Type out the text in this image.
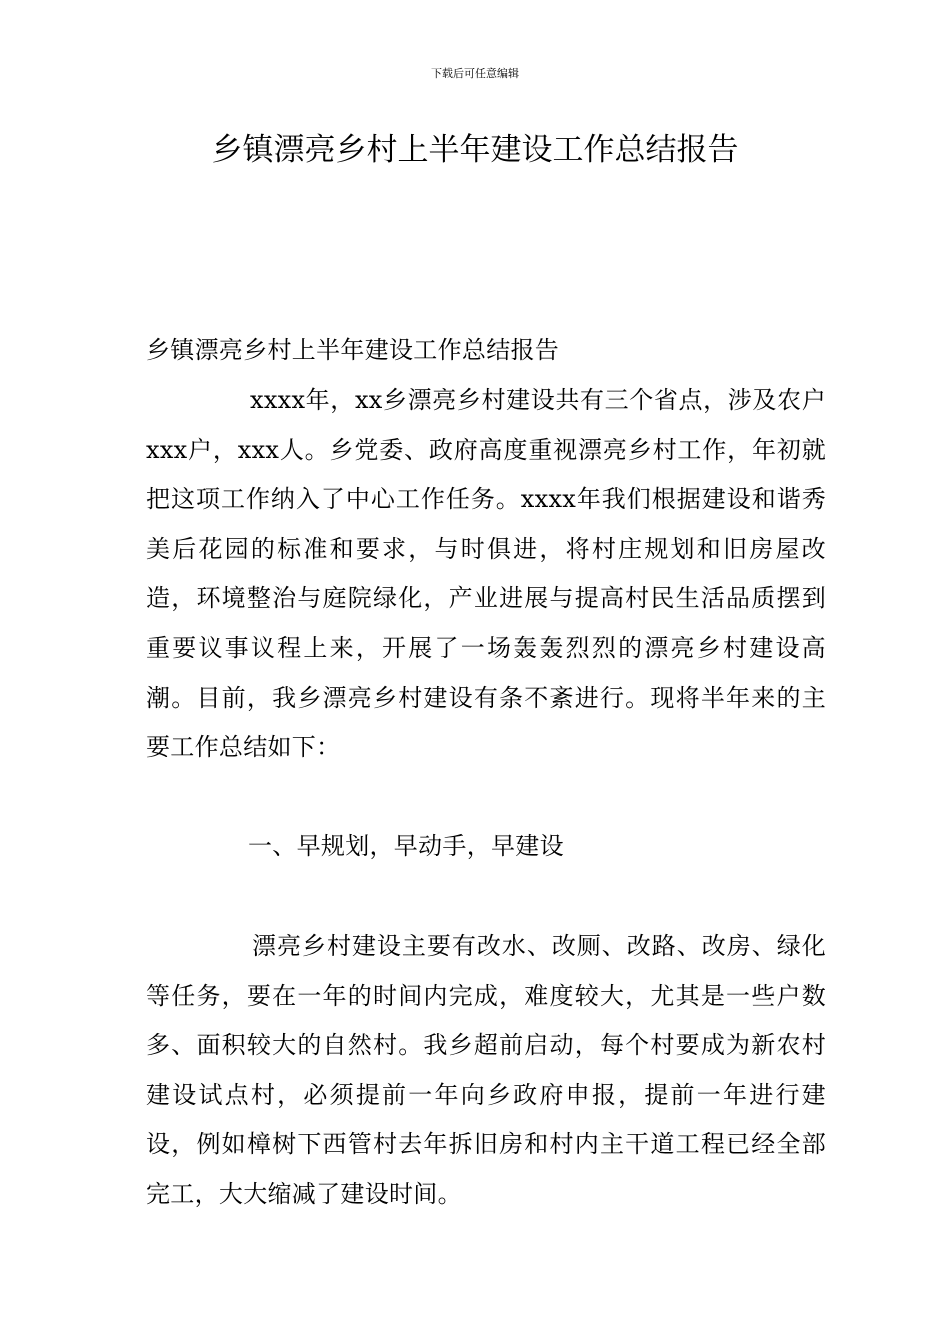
下载后可任意编辑
乡镇漂亮乡村上半年建设工作总结报告

乡镇漂亮乡村上半年建设工作总结报告

xxxx年，xx乡漂亮乡村建设共有三个省点，涉及农户xxx户，xxx人。乡党委、政府高度重视漂亮乡村工作，年初就把这项工作纳入了中心工作任务。xxxx年我们根据建设和谐秀美后花园的标准和要求，与时俱进，将村庄规划和旧房屋改造，环境整治与庭院绿化，产业进展与提高村民生活品质摆到重要议事议程上来，开展了一场轰轰烈烈的漂亮乡村建设高潮。目前，我乡漂亮乡村建设有条不紊进行。现将半年来的主要工作总结如下：

一、早规划，早动手，早建设

漂亮乡村建设主要有改水、改厕、改路、改房、绿化等任务，要在一年的时间内完成，难度较大，尤其是一些户数多、面积较大的自然村。我乡超前启动，每个村要成为新农村建设试点村，必须提前一年向乡政府申报，提前一年进行建设，例如樟树下西管村去年拆旧房和村内主干道工程已经全部完工，大大缩减了建设时间。
